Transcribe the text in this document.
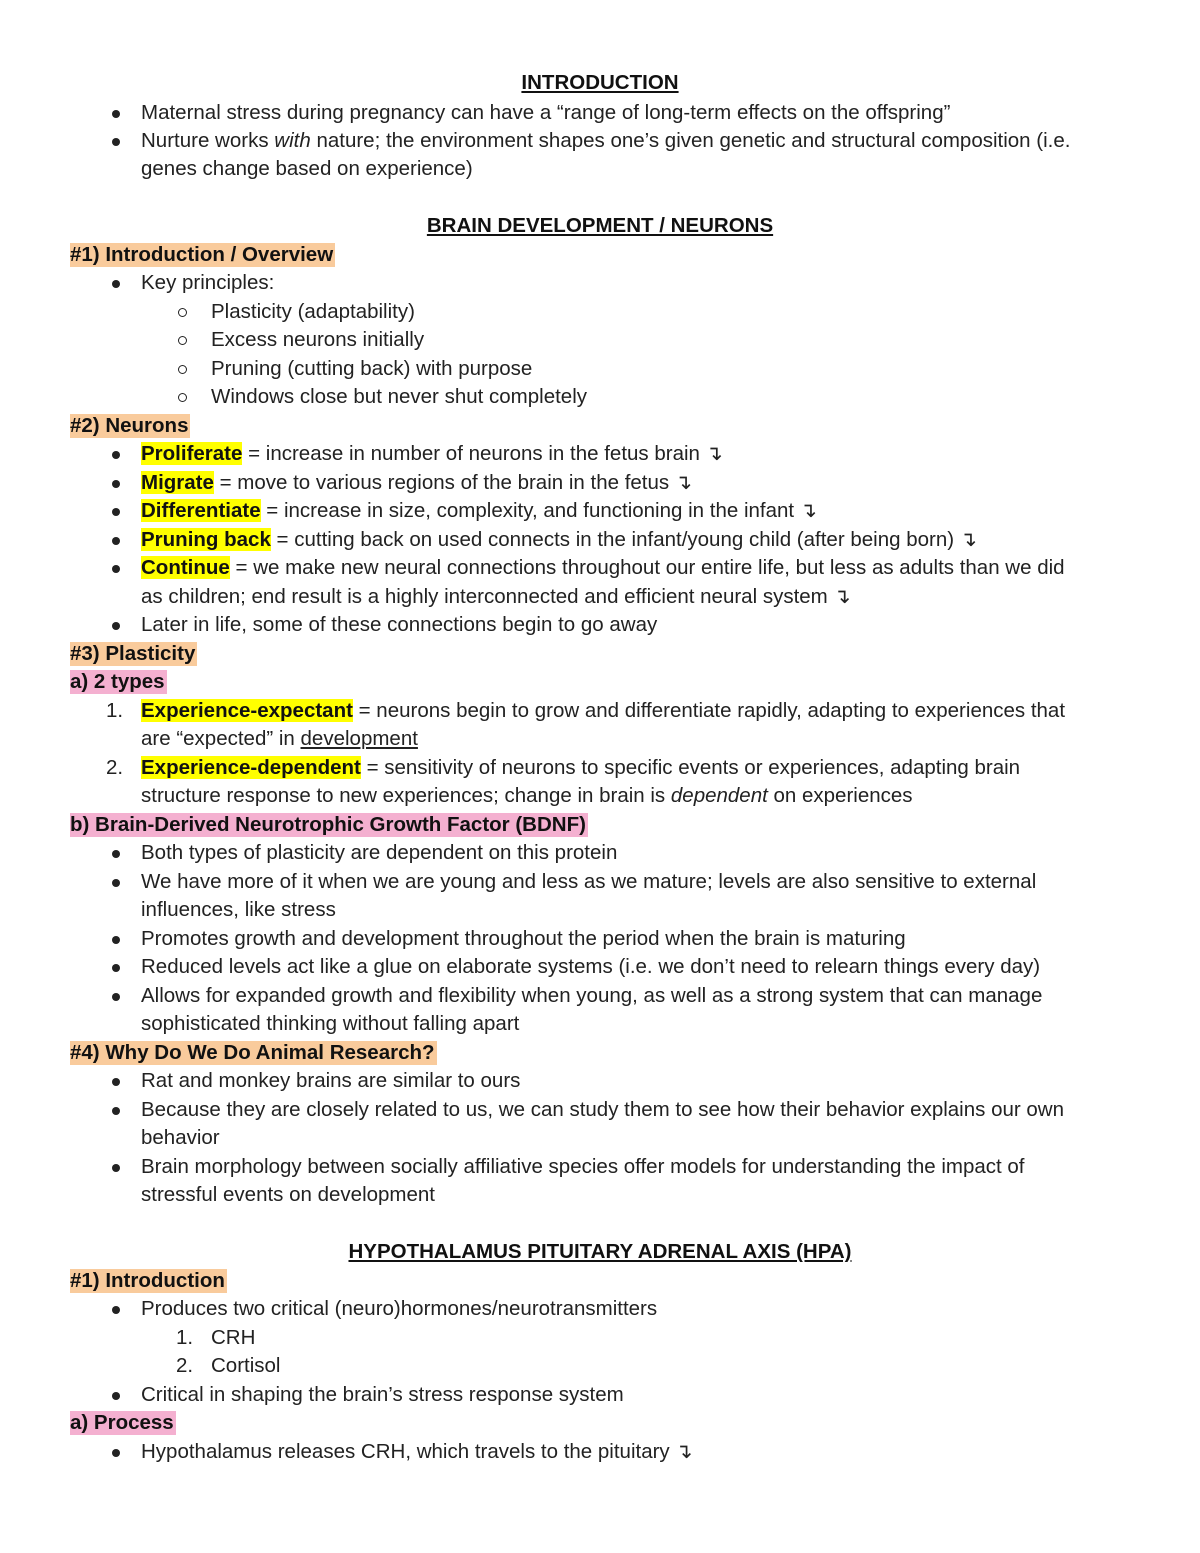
INTRODUCTION
Maternal stress during pregnancy can have a “range of long-term effects on the offspring”
Nurture works with nature; the environment shapes one’s given genetic and structural composition (i.e.
genes change based on experience)
BRAIN DEVELOPMENT / NEURONS
#1) Introduction / Overview
Key principles:
Plasticity (adaptability)
Excess neurons initially
Pruning (cutting back) with purpose
Windows close but never shut completely
#2) Neurons
Proliferate = increase in number of neurons in the fetus brain ↴
Migrate = move to various regions of the brain in the fetus ↴
Differentiate = increase in size, complexity, and functioning in the infant ↴
Pruning back = cutting back on used connects in the infant/young child (after being born) ↴
Continue = we make new neural connections throughout our entire life, but less as adults than we did
as children; end result is a highly interconnected and efficient neural system ↴
Later in life, some of these connections begin to go away
#3) Plasticity
a) 2 types
1. Experience-expectant = neurons begin to grow and differentiate rapidly, adapting to experiences that
are “expected” in development
2. Experience-dependent = sensitivity of neurons to specific events or experiences, adapting brain
structure response to new experiences; change in brain is dependent on experiences
b) Brain-Derived Neurotrophic Growth Factor (BDNF)
Both types of plasticity are dependent on this protein
We have more of it when we are young and less as we mature; levels are also sensitive to external
influences, like stress
Promotes growth and development throughout the period when the brain is maturing
Reduced levels act like a glue on elaborate systems (i.e. we don’t need to relearn things every day)
Allows for expanded growth and flexibility when young, as well as a strong system that can manage
sophisticated thinking without falling apart
#4) Why Do We Do Animal Research?
Rat and monkey brains are similar to ours
Because they are closely related to us, we can study them to see how their behavior explains our own
behavior
Brain morphology between socially affiliative species offer models for understanding the impact of
stressful events on development
HYPOTHALAMUS PITUITARY ADRENAL AXIS (HPA)
#1) Introduction
Produces two critical (neuro)hormones/neurotransmitters
1. CRH
2. Cortisol
Critical in shaping the brain’s stress response system
a) Process
Hypothalamus releases CRH, which travels to the pituitary ↴
